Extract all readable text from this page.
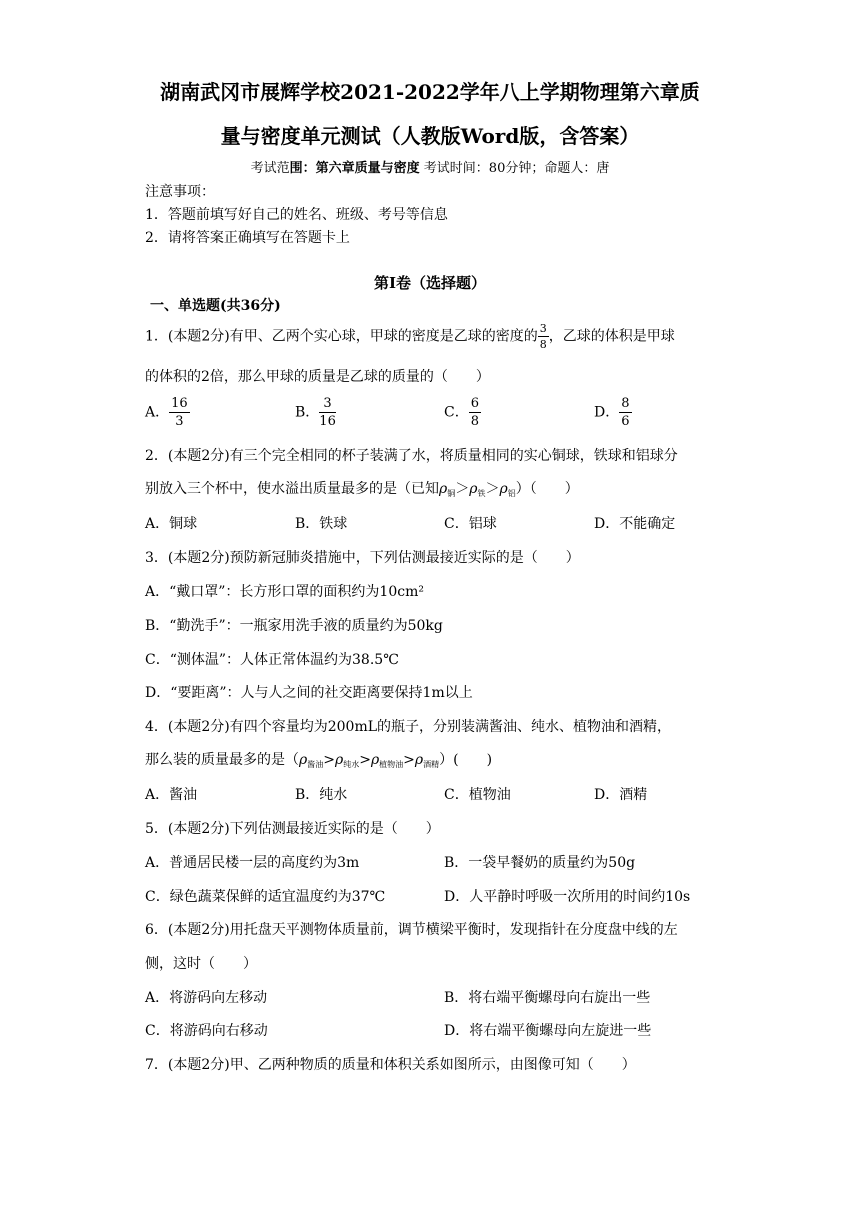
湖南武冈市展辉学校2021-2022学年八上学期物理第六章质
量与密度单元测试（人教版Word版，含答案）
考试范围：第六章质量与密度 考试时间：80分钟；命题人：唐
注意事项：
1．答题前填写好自己的姓名、班级、考号等信息
2．请将答案正确填写在答题卡上
第Ⅰ卷（选择题）
一、单选题(共36分)
1．(本题2分)有甲、乙两个实心球，甲球的密度是乙球的密度的 $\frac{3}{8}$ ，乙球的体积是甲球
的体积的2倍，那么甲球的质量是乙球的质量的（　　）
A． $\frac{16}{3}$	B． $\frac{3}{16}$	C． $\frac{6}{8}$	D． $\frac{8}{6}$
2．(本题2分)有三个完全相同的杯子装满了水，将质量相同的实心铜球，铁球和铝球分
别放入三个杯中，使水溢出质量最多的是（已知$\rho_铜>\rho_铁>\rho_铝$）（　　）
A．铜球	B．铁球	C．铝球	D．不能确定
3．(本题2分)预防新冠肺炎措施中，下列估测最接近实际的是（　　）
A．“戴口罩”：长方形口罩的面积约为10cm²
B．“勤洗手”：一瓶家用洗手液的质量约为50kg
C．“测体温”：人体正常体温约为38.5℃
D．“要距离”：人与人之间的社交距离要保持1m以上
4．(本题2分)有四个容量均为200mL的瓶子，分别装满酱油、纯水、植物油和酒精，
那么装的质量最多的是$(\rho_{酱油}>\rho_{纯水}>\rho_{植物油}>\rho_{酒精})$(　　)
A．酱油	B．纯水	C．植物油	D．酒精
5．(本题2分)下列估测最接近实际的是（　　）
A．普通居民楼一层的高度约为3m	B．一袋早餐奶的质量约为50g
C．绿色蔬菜保鲜的适宜温度约为37℃	D．人平静时呼吸一次所用的时间约10s
6．(本题2分)用托盘天平测物体质量前，调节横梁平衡时，发现指针在分度盘中线的左
侧，这时（　　）
A．将游码向左移动	B．将右端平衡螺母向右旋出一些
C．将游码向右移动	D．将右端平衡螺母向左旋进一些
7．(本题2分)甲、乙两种物质的质量和体积关系如图所示，由图像可知（　　）
